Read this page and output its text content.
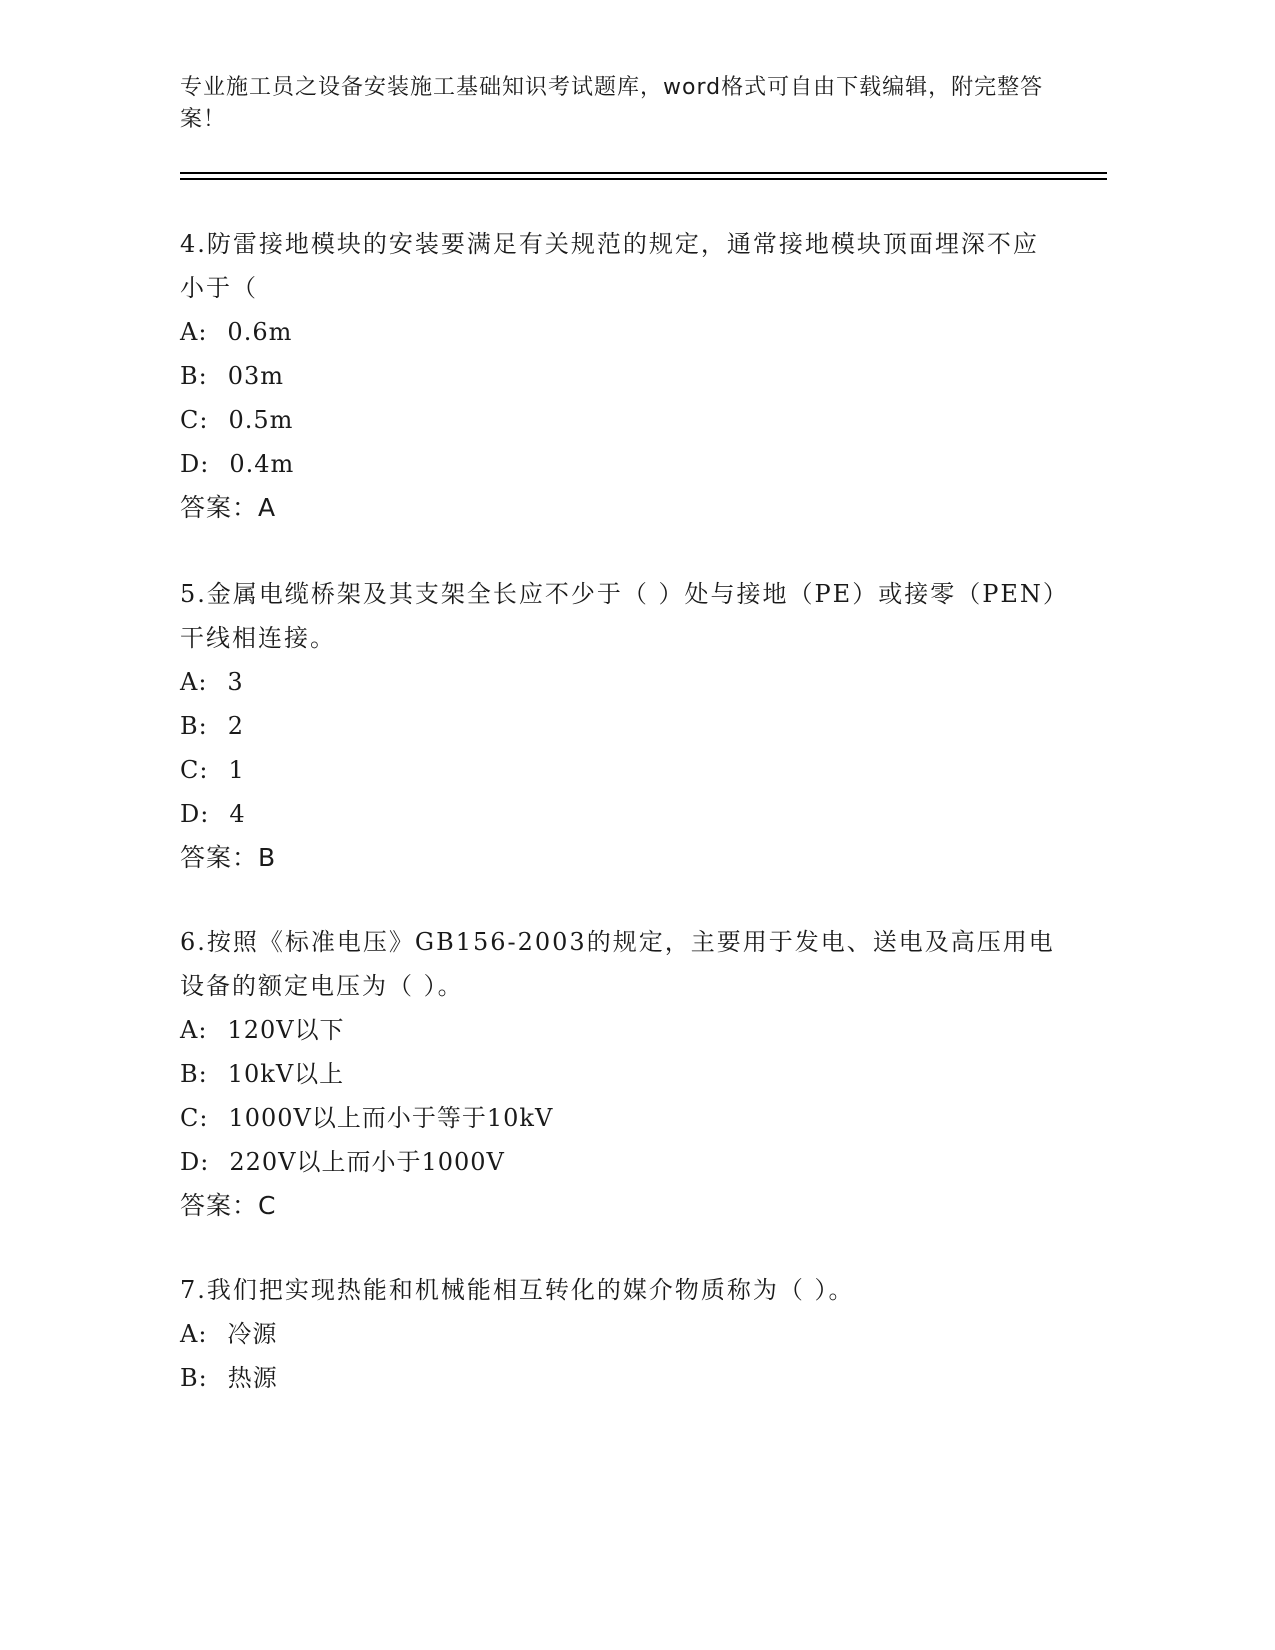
专业施工员之设备安装施工基础知识考试题库，word格式可自由下载编辑，附完整答案！

4.防雷接地模块的安装要满足有关规范的规定，通常接地模块顶面埋深不应小于（

A: 0.6m
B: 03m
C: 0.5m
D: 0.4m
答案：A

5.金属电缆桥架及其支架全长应不少于（ ）处与接地（PE）或接零（PEN）干线相连接。

A: 3
B: 2
C: 1
D: 4
答案：B

6.按照《标准电压》GB156-2003的规定，主要用于发电、送电及高压用电设备的额定电压为（ ）。

A: 120V以下
B: 10kV以上
C: 1000V以上而小于等于10kV
D: 220V以上而小于1000V
答案：C

7.我们把实现热能和机械能相互转化的媒介物质称为（ ）。

A: 冷源
B: 热源
